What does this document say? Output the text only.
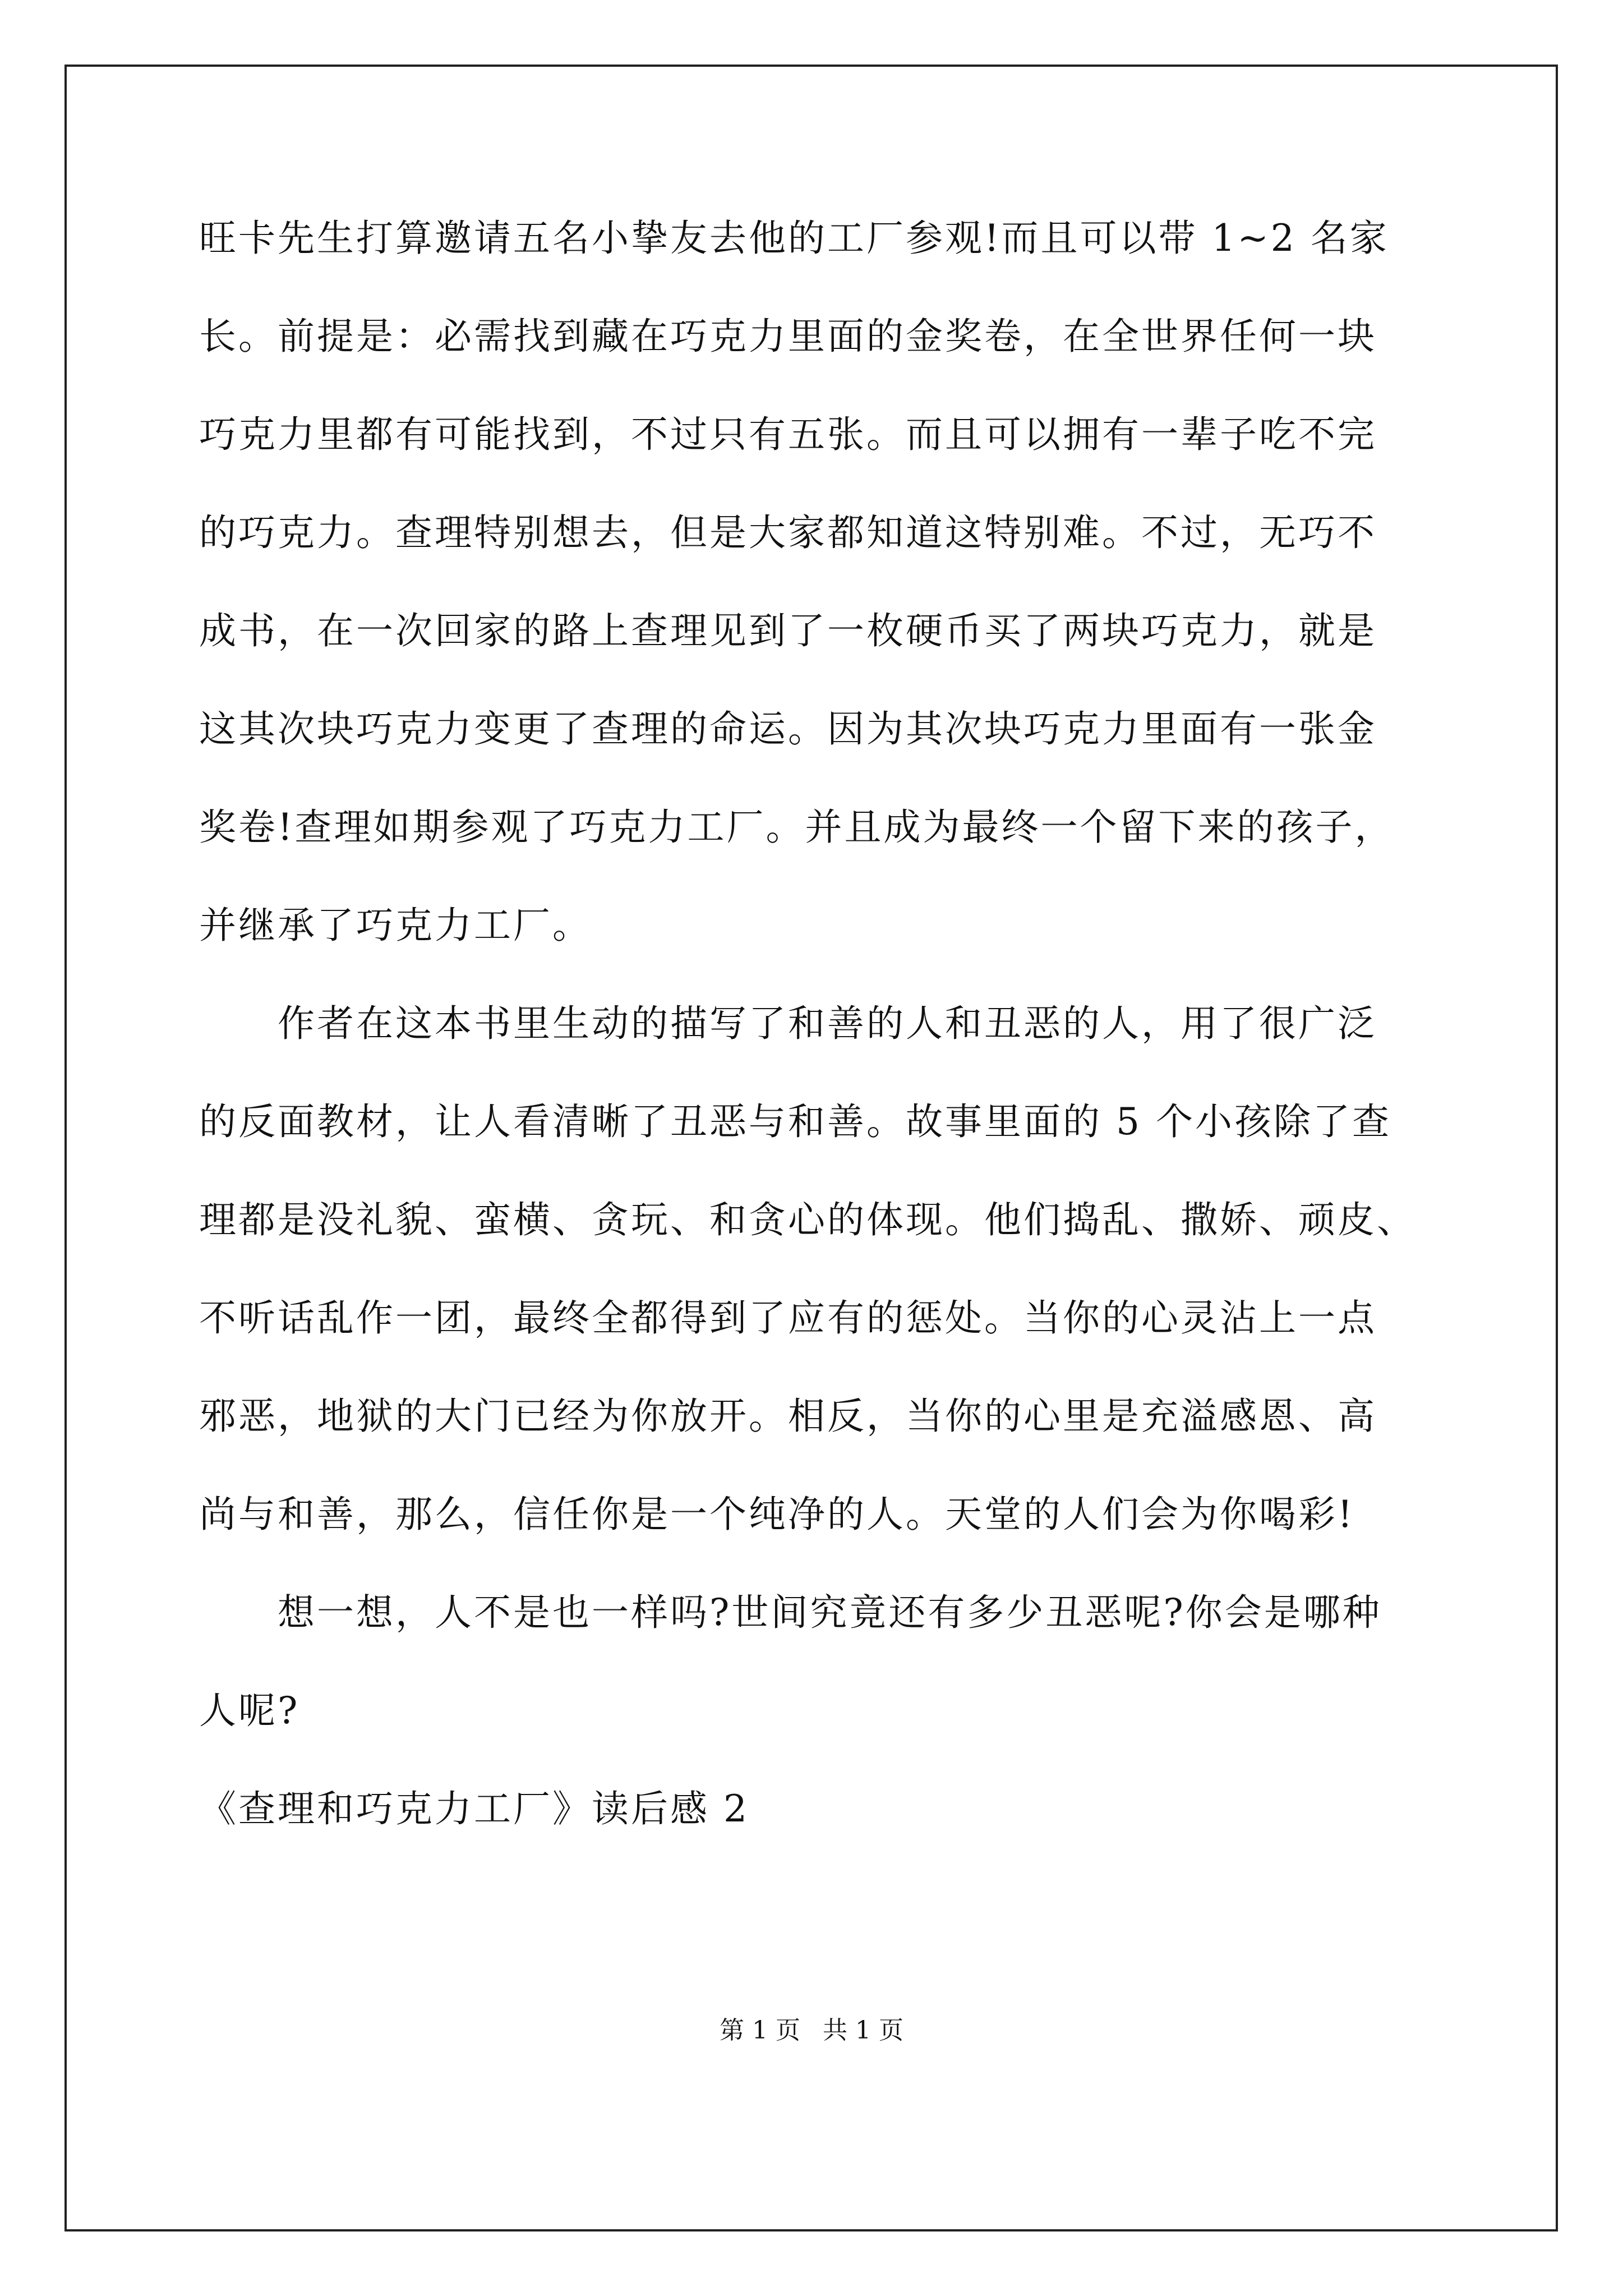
旺卡先生打算邀请五名小挚友去他的工厂参观!而且可以带 1~2 名家
长。前提是：必需找到藏在巧克力里面的金奖卷，在全世界任何一块
巧克力里都有可能找到，不过只有五张。而且可以拥有一辈子吃不完
的巧克力。查理特别想去，但是大家都知道这特别难。不过，无巧不
成书，在一次回家的路上查理见到了一枚硬币买了两块巧克力，就是
这其次块巧克力变更了查理的命运。因为其次块巧克力里面有一张金
奖卷!查理如期参观了巧克力工厂。并且成为最终一个留下来的孩子，
并继承了巧克力工厂。
作者在这本书里生动的描写了和善的人和丑恶的人，用了很广泛
的反面教材，让人看清晰了丑恶与和善。故事里面的 5 个小孩除了查
理都是没礼貌、蛮横、贪玩、和贪心的体现。他们捣乱、撒娇、顽皮、
不听话乱作一团，最终全都得到了应有的惩处。当你的心灵沾上一点
邪恶，地狱的大门已经为你放开。相反，当你的心里是充溢感恩、高
尚与和善，那么，信任你是一个纯净的人。天堂的人们会为你喝彩!
想一想，人不是也一样吗?世间究竟还有多少丑恶呢?你会是哪种
人呢?
《查理和巧克力工厂》读后感 2
第 1 页 共 1 页
